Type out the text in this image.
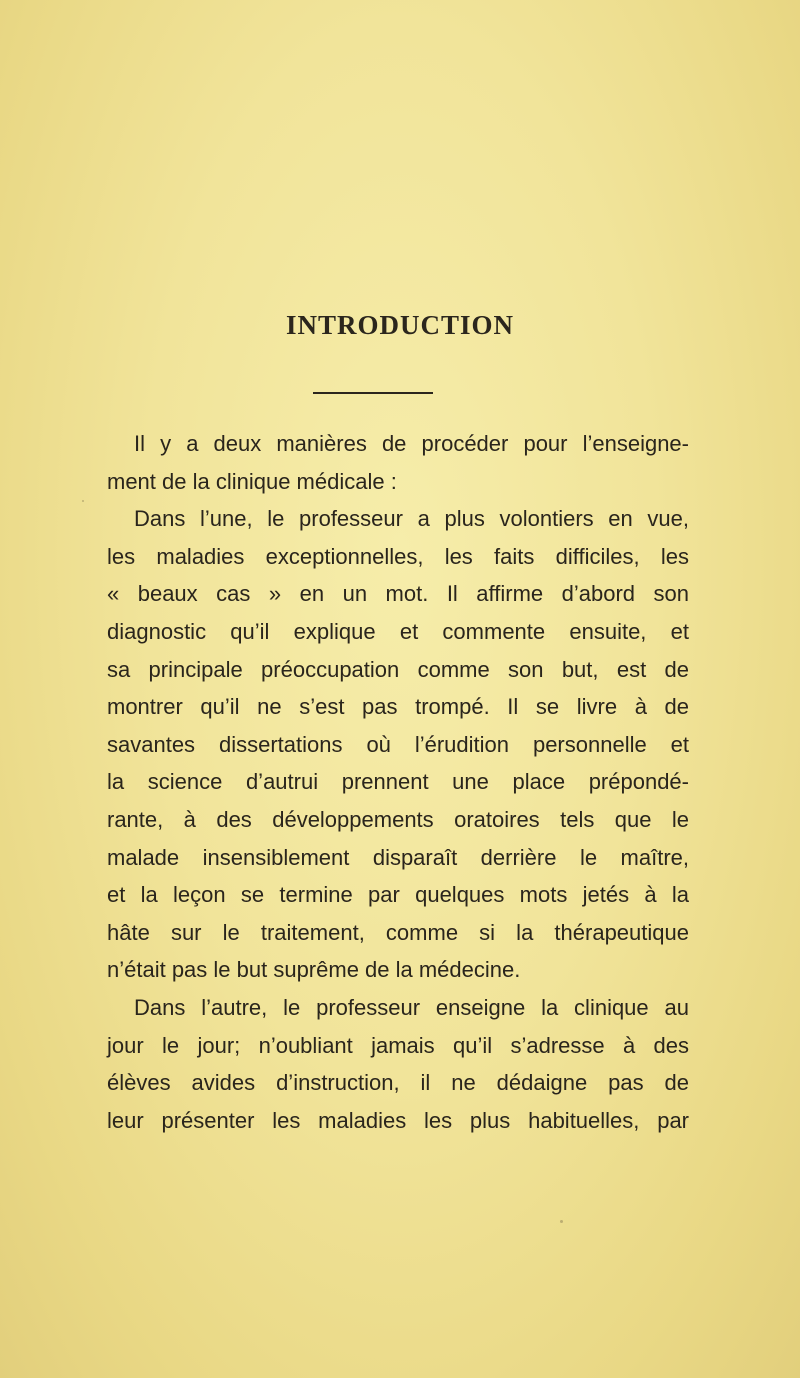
INTRODUCTION
Il y a deux manières de procéder pour l’enseigne-
ment de la clinique médicale :
Dans l’une, le professeur a plus volontiers en vue,
les maladies exceptionnelles, les faits difficiles, les
« beaux cas » en un mot. Il affirme d’abord son
diagnostic qu’il explique et commente ensuite, et
sa principale préoccupation comme son but, est de
montrer qu’il ne s’est pas trompé. Il se livre à de
savantes dissertations où l’érudition personnelle et
la science d’autrui prennent une place prépondé-
rante, à des développements oratoires tels que le
malade insensiblement disparaît derrière le maître,
et la leçon se termine par quelques mots jetés à la
hâte sur le traitement, comme si la thérapeutique
n’était pas le but suprême de la médecine.
Dans l’autre, le professeur enseigne la clinique au
jour le jour; n’oubliant jamais qu’il s’adresse à des
élèves avides d’instruction, il ne dédaigne pas de
leur présenter les maladies les plus habituelles, par
